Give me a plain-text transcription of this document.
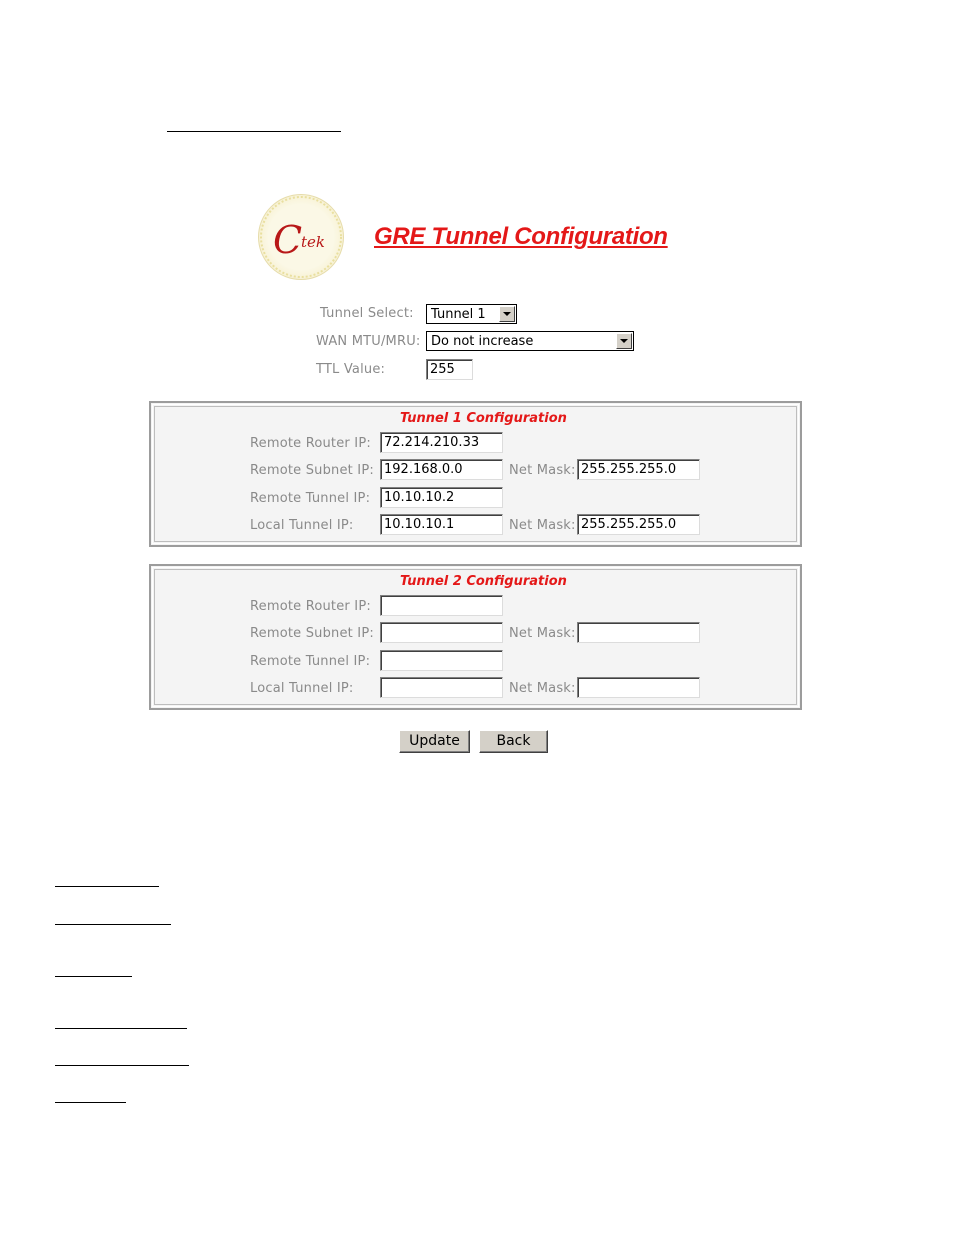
C
tek GRE Tunnel Configuration
Tunnel Select: Tunnel 1
WAN MTU/MRU: Do not increase
TTL Value:	255
Tunnel 1 Configuration
Remote Router IP:	72.214.210.33
Remote Subnet IP: 192.168.0.0	Net Mask: 255.255.255.0
Remote Tunnel IP:	10.10.10.2
Local Tunnel IP:	10.10.10.1	Net Mask: 255.255.255.0
Tunnel 2 Configuration
Remote Router IP:
Remote Subnet IP:	Net Mask:
Remote Tunnel IP:
Local Tunnel IP:	Net Mask:
Update	Back
